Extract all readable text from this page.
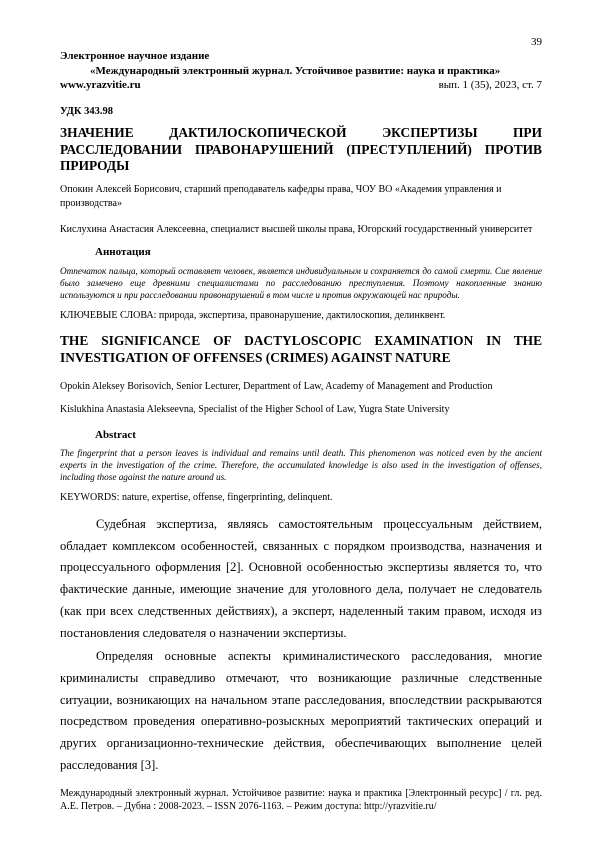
39
Электронное научное издание
«Международный электронный журнал. Устойчивое развитие: наука и практика»
www.yrazvitie.ru	вып. 1 (35), 2023, ст. 7
УДК 343.98
ЗНАЧЕНИЕ ДАКТИЛОСКОПИЧЕСКОЙ ЭКСПЕРТИЗЫ ПРИ РАССЛЕДОВАНИИ ПРАВОНАРУШЕНИЙ (ПРЕСТУПЛЕНИЙ) ПРОТИВ ПРИРОДЫ
Опокин Алексей Борисович, старший преподаватель кафедры права, ЧОУ ВО «Академия управления и производства»
Кислухина Анастасия Алексеевна, специалист высшей школы права, Югорский государственный университет
Аннотация
Отпечаток пальца, который оставляет человек, является индивидуальным и сохраняется до самой смерти. Сие явление было замечено еще древними специалистами по расследованию преступления. Поэтому накопленные знанию используются и при расследовании правонарушений в том числе и против окружающей нас природы.
КЛЮЧЕВЫЕ СЛОВА: природа, экспертиза, правонарушение, дактилоскопия, делинквент.
THE SIGNIFICANCE OF DACTYLOSCOPIC EXAMINATION IN THE INVESTIGATION OF OFFENSES (CRIMES) AGAINST NATURE
Opokin Aleksey Borisovich, Senior Lecturer, Department of Law, Academy of Management and Production
Kislukhina Anastasia Alekseevna, Specialist of the Higher School of Law, Yugra State University
Abstract
The fingerprint that a person leaves is individual and remains until death. This phenomenon was noticed even by the ancient experts in the investigation of the crime. Therefore, the accumulated knowledge is also used in the investigation of offenses, including those against the nature around us.
KEYWORDS: nature, expertise, offense, fingerprinting, delinquent.

Судебная экспертиза, являясь самостоятельным процессуальным действием, обладает комплексом особенностей, связанных с порядком производства, назначения и процессуального оформления [2]. Основной особенностью экспертизы является то, что фактические данные, имеющие значение для уголовного дела, получает не следователь (как при всех следственных действиях), а эксперт, наделенный таким правом, исходя из постановления следователя о назначении экспертизы.

Определяя основные аспекты криминалистического расследования, многие криминалисты справедливо отмечают, что возникающие различные следственные ситуации, возникающих на начальном этапе расследования, впоследствии раскрываются посредством проведения оперативно-розыскных мероприятий тактических операций и других организационно-технические действия, обеспечивающих выполнение целей расследования [3].

Международный электронный журнал. Устойчивое развитие: наука и практика [Электронный ресурс] / гл. ред. А.Е. Петров. – Дубна : 2008-2023. – ISSN 2076-1163. – Режим доступа: http://yrazvitie.ru/
